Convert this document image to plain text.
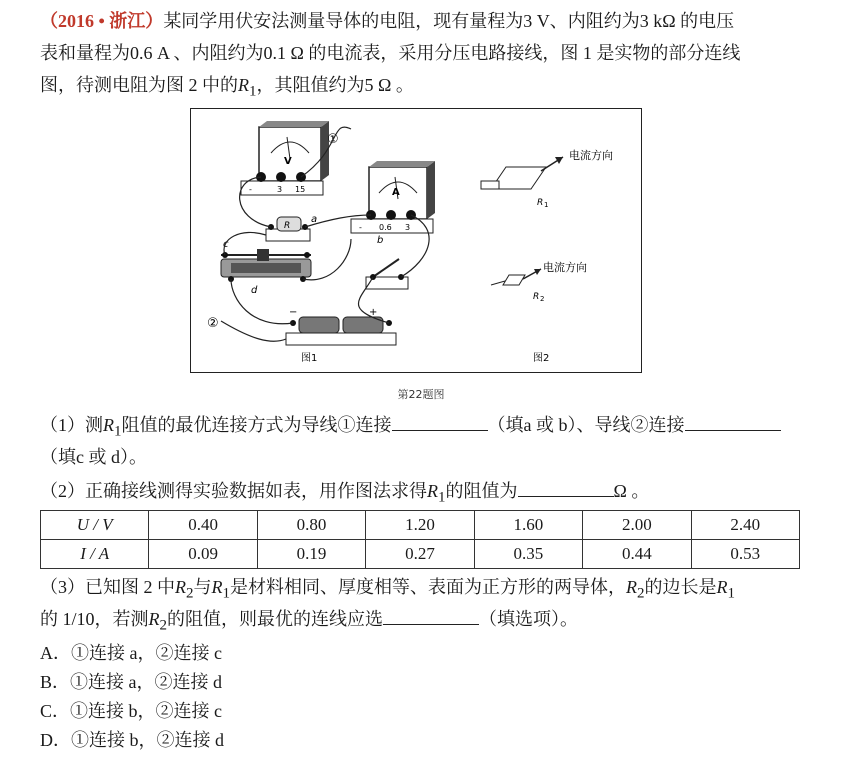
（2016 • 浙江）某同学用伏安法测量导体的电阻，现有量程为3 V、内阻约为3 kΩ 的电压
表和量程为0.6 A 、内阻约为0.1 Ω 的电流表，采用分压电路接线，图 1 是实物的部分连线
图，待测电阻为图 2 中的$R_1$，其阻值约为5 Ω 。
V
-	3 15
①
A
- 0.6 3
R
a
b
c
d
−	+
②
图1
电流方向
R 1
电流方向
R 2
图2
第22题图
（1）测$R_1$阻值的最优连接方式为导线①连接	（填a 或 b）、导线②连接
（填c 或 d）。
（2）正确接线测得实验数据如表，用作图法求得$R_1$的阻值为	Ω 。
U / V	0.40	0.80	1.20	1.60	2.00	2.40
I / A	0.09	0.19	0.27	0.35	0.44	0.53
（3）已知图 2 中$R_2$与$R_1$是材料相同、厚度相等、表面为正方形的两导体，$R_2$的边长是$R_1$
的 1/10，若测$R_2$的阻值，则最优的连线应选	（填选项）。
A．①连接 a，②连接 c
B．①连接 a，②连接 d
C．①连接 b，②连接 c
D．①连接 b，②连接 d
